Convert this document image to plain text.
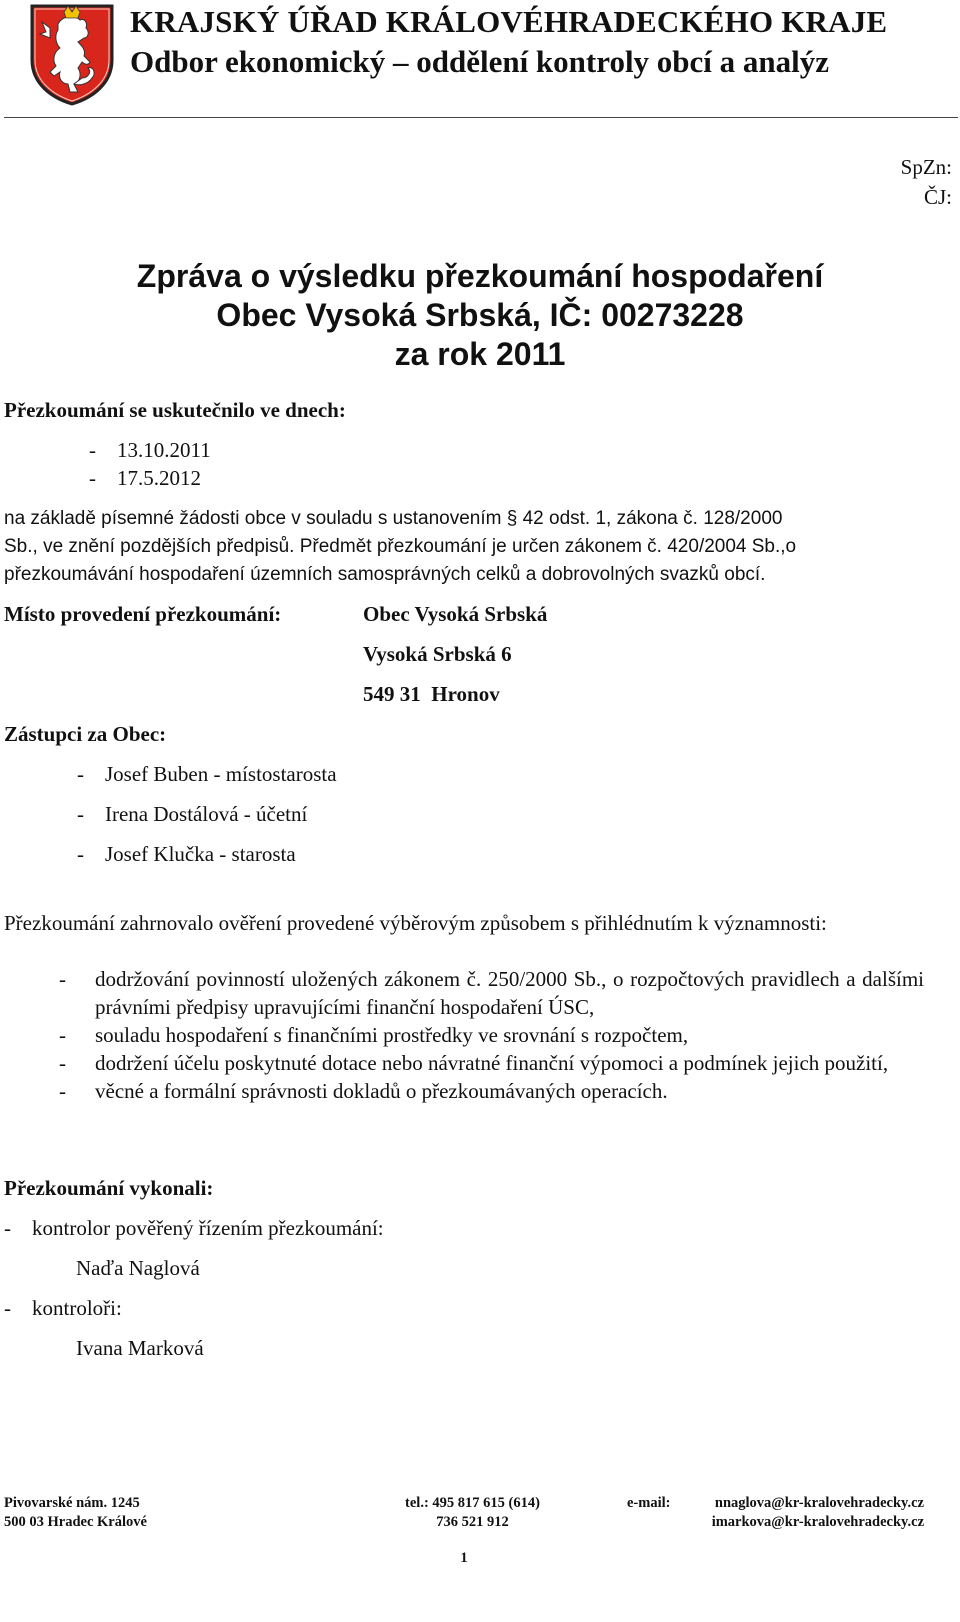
KRAJSKÝ ÚŘAD KRÁLOVÉHRADECKÉHO KRAJE
Odbor ekonomický – oddělení kontroly obcí a analýz
SpZn:
ČJ:
Zpráva o výsledku přezkoumání hospodaření
Obec Vysoká Srbská, IČ: 00273228
za rok 2011
Přezkoumání se uskutečnilo ve dnech:
-    13.10.2011
-    17.5.2012
na základě písemné žádosti obce v souladu s ustanovením § 42 odst. 1, zákona č. 128/2000
Sb., ve znění pozdějších předpisů. Předmět přezkoumání je určen zákonem č. 420/2004 Sb.,o
přezkoumávání hospodaření územních samosprávných celků a dobrovolných svazků obcí.
Místo provedení přezkoumání:	Obec Vysoká Srbská
Vysoká Srbská 6
549 31  Hronov
Zástupci za Obec:
-    Josef Buben - místostarosta
-    Irena Dostálová - účetní
-    Josef Klučka - starosta
Přezkoumání zahrnovalo ověření provedené výběrovým způsobem s přihlédnutím k významnosti:
-	dodržování povinností uložených zákonem č. 250/2000 Sb., o rozpočtových pravidlech a dalšími právními předpisy upravujícími finanční hospodaření ÚSC,
-	souladu hospodaření s finančními prostředky ve srovnání s rozpočtem,
-	dodržení účelu poskytnuté dotace nebo návratné finanční výpomoci a podmínek jejich použití,
-	věcné a formální správnosti dokladů o přezkoumávaných operacích.
Přezkoumání vykonali:
-    kontrolor pověřený řízením přezkoumání:
Naďa Naglová
-    kontroloři:
Ivana Marková
Pivovarské nám. 1245
500 03 Hradec Králové
tel.: 495 817 615 (614)
736 521 912
e-mail:	nnaglova@kr-kralovehradecky.cz
imarkova@kr-kralovehradecky.cz
1
